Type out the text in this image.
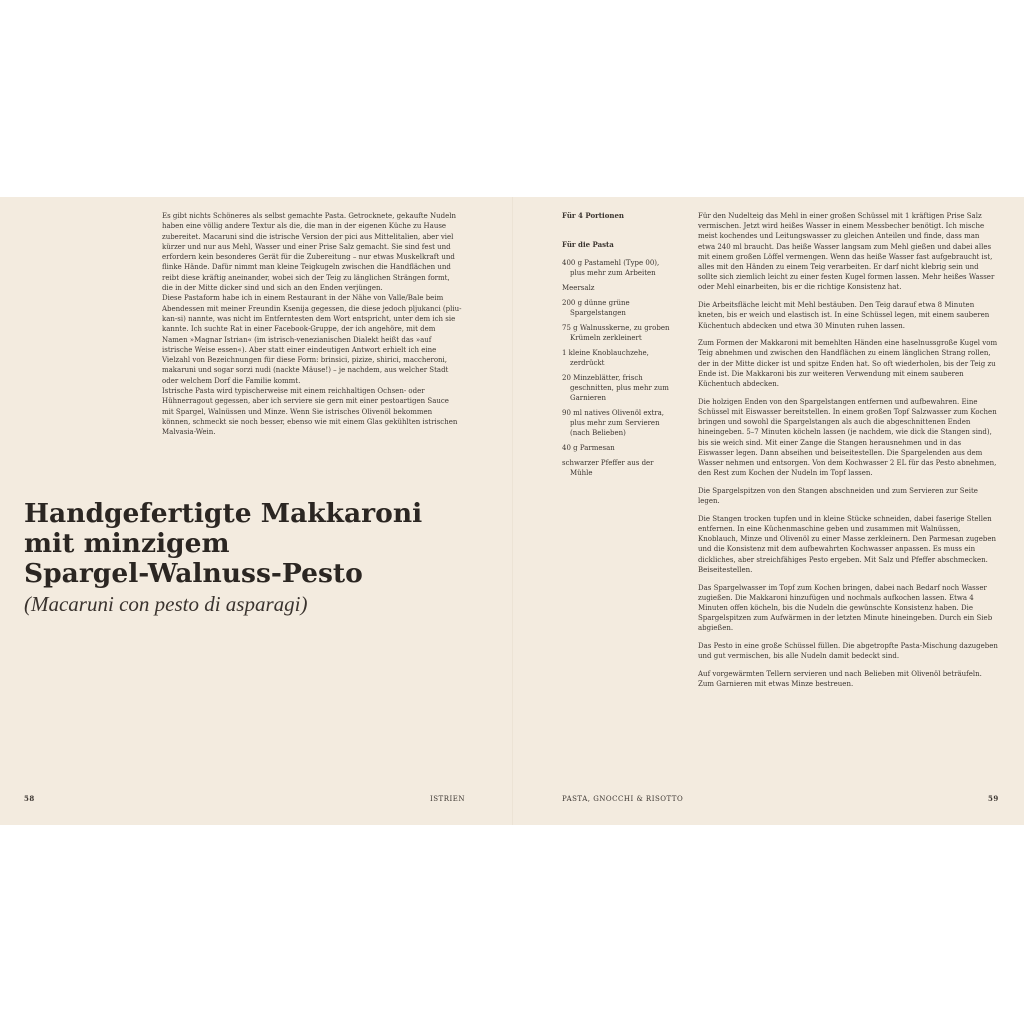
Es gibt nichts Schöneres als selbst gemachte Pasta. Getrocknete, gekaufte Nudeln haben eine völlig andere Textur als die, die man in der eigenen Küche zu Hause zubereitet. Macaruni sind die istrische Version der pici aus Mittelitalien, aber viel kürzer und nur aus Mehl, Wasser und einer Prise Salz gemacht. Sie sind fest und erfordern kein besonderes Gerät für die Zubereitung – nur etwas Muskelkraft und flinke Hände. Dafür nimmt man kleine Teigkugeln zwischen die Handflächen und reibt diese kräftig aneinander, wobei sich der Teig zu länglichen Strängen formt, die in der Mitte dicker sind und sich an den Enden verjüngen.

Diese Pastaform habe ich in einem Restaurant in der Nähe von Valle/Bale beim Abendessen mit meiner Freundin Ksenija gegessen, die diese jedoch pljukanci (pliu-kan-si) nannte, was nicht im Entferntesten dem Wort entspricht, unter dem ich sie kannte. Ich suchte Rat in einer Facebook-Gruppe, der ich angehöre, mit dem Namen »Magnar Istrian« (im istrisch-venezianischen Dialekt heißt das »auf istrische Weise essen«). Aber statt einer eindeutigen Antwort erhielt ich eine Vielzahl von Bezeichnungen für diese Form: brinsici, pizize, shirici, maccheroni, makaruni und sogar sorzi nudi (nackte Mäuse!) – je nachdem, aus welcher Stadt oder welchem Dorf die Familie kommt.

Istrische Pasta wird typischerweise mit einem reichhaltigen Ochsen- oder Hühnerragout gegessen, aber ich serviere sie gern mit einer pestoartigen Sauce mit Spargel, Walnüssen und Minze. Wenn Sie istrisches Olivenöl bekommen können, schmeckt sie noch besser, ebenso wie mit einem Glas gekühlten istrischen Malvasia-Wein.

Handgefertigte Makkaroni
mit minzigem
Spargel-Walnuss-Pesto
(Macaruni con pesto di asparagi)
58	ISTRIEN

Für 4 Portionen

Für die Pasta

400 g Pastamehl (Type 00), plus mehr zum Arbeiten
Meersalz
200 g dünne grüne Spargelstangen
75 g Walnusskerne, zu groben Krümeln zerkleinert
1 kleine Knoblauchzehe, zerdrückt
20 Minzeblätter, frisch geschnitten, plus mehr zum Garnieren
90 ml natives Olivenöl extra, plus mehr zum Servieren (nach Belieben)
40 g Parmesan
schwarzer Pfeffer aus der Mühle

Für den Nudelteig das Mehl in einer großen Schüssel mit 1 kräftigen Prise Salz vermischen. Jetzt wird heißes Wasser in einem Messbecher benötigt. Ich mische meist kochendes und Leitungswasser zu gleichen Anteilen und finde, dass man etwa 240 ml braucht. Das heiße Wasser langsam zum Mehl gießen und dabei alles mit einem großen Löffel vermengen. Wenn das heiße Wasser fast aufgebraucht ist, alles mit den Händen zu einem Teig verarbeiten. Er darf nicht klebrig sein und sollte sich ziemlich leicht zu einer festen Kugel formen lassen. Mehr heißes Wasser oder Mehl einarbeiten, bis er die richtige Konsistenz hat.

Die Arbeitsfläche leicht mit Mehl bestäuben. Den Teig darauf etwa 8 Minuten kneten, bis er weich und elastisch ist. In eine Schüssel legen, mit einem sauberen Küchentuch abdecken und etwa 30 Minuten ruhen lassen.

Zum Formen der Makkaroni mit bemehlten Händen eine haselnussgroße Kugel vom Teig abnehmen und zwischen den Handflächen zu einem länglichen Strang rollen, der in der Mitte dicker ist und spitze Enden hat. So oft wiederholen, bis der Teig zu Ende ist. Die Makkaroni bis zur weiteren Verwendung mit einem sauberen Küchentuch abdecken.

Die holzigen Enden von den Spargelstangen entfernen und aufbewahren. Eine Schüssel mit Eiswasser bereitstellen. In einem großen Topf Salzwasser zum Kochen bringen und sowohl die Spargelstangen als auch die abgeschnittenen Enden hineingeben. 5–7 Minuten köcheln lassen (je nachdem, wie dick die Stangen sind), bis sie weich sind. Mit einer Zange die Stangen herausnehmen und in das Eiswasser legen. Dann abseihen und beiseitestellen. Die Spargelenden aus dem Wasser nehmen und entsorgen. Von dem Kochwasser 2 EL für das Pesto abnehmen, den Rest zum Kochen der Nudeln im Topf lassen.

Die Spargelspitzen von den Stangen abschneiden und zum Servieren zur Seite legen.

Die Stangen trocken tupfen und in kleine Stücke schneiden, dabei faserige Stellen entfernen. In eine Küchenmaschine geben und zusammen mit Walnüssen, Knoblauch, Minze und Olivenöl zu einer Masse zerkleinern. Den Parmesan zugeben und die Konsistenz mit dem aufbewahrten Kochwasser anpassen. Es muss ein dickliches, aber streichfähiges Pesto ergeben. Mit Salz und Pfeffer abschmecken. Beiseitestellen.

Das Spargelwasser im Topf zum Kochen bringen, dabei nach Bedarf noch Wasser zugießen. Die Makkaroni hinzufügen und nochmals aufkochen lassen. Etwa 4 Minuten offen köcheln, bis die Nudeln die gewünschte Konsistenz haben. Die Spargelspitzen zum Aufwärmen in der letzten Minute hineingeben. Durch ein Sieb abgießen.

Das Pesto in eine große Schüssel füllen. Die abgetropfte Pasta-Mischung dazugeben und gut vermischen, bis alle Nudeln damit bedeckt sind.

Auf vorgewärmten Tellern servieren und nach Belieben mit Olivenöl beträufeln. Zum Garnieren mit etwas Minze bestreuen.

PASTA, GNOCCHI & RISOTTO	59
